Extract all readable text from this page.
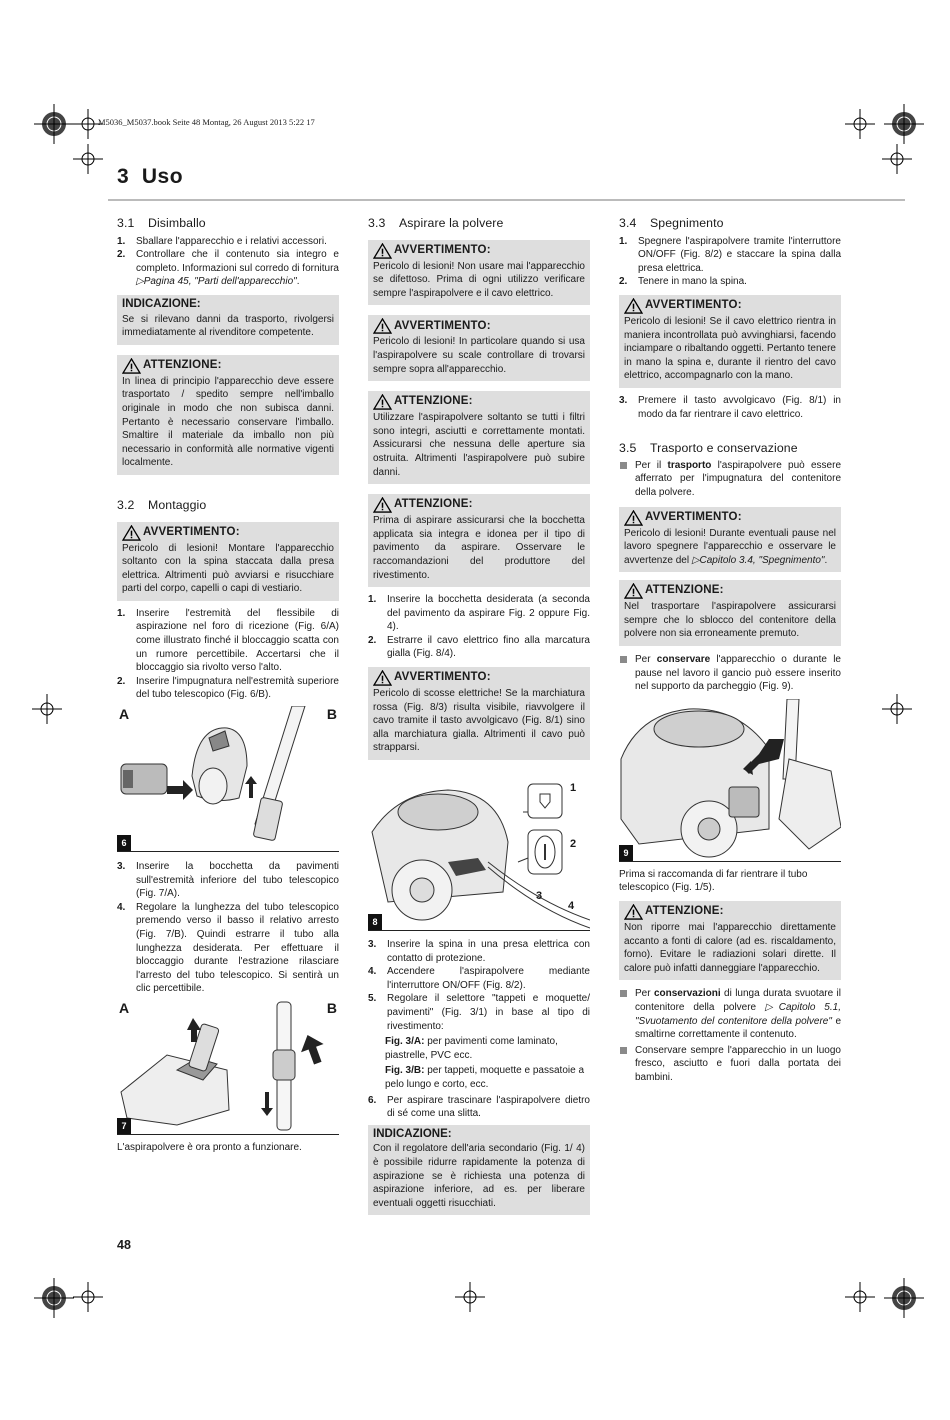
M5036_M5037.book Seite 48 Montag, 26 August 2013 5:22 17
3 Uso
3.1 Disimballo
1. Sballare l'apparecchio e i relativi accessori.
2. Controllare che il contenuto sia integro e completo. Informazioni sul corredo di fornitura ▷Pagina 45, "Parti dell'apparecchio".
INDICAZIONE:

Se si rilevano danni da trasporto, rivolgersi immediatamente al rivenditore competente.

ATTENZIONE:

In linea di principio l'apparecchio deve essere trasportato / spedito sempre nell'imballo originale in modo che non subisca danni. Pertanto è necessario conservare l'imballo. Smaltire il materiale da imballo non più necessario in conformità alle normative vigenti localmente.

3.2 Montaggio
AVVERTIMENTO:

Pericolo di lesioni! Montare l'apparecchio soltanto con la spina staccata dalla presa elettrica. Altrimenti può avviarsi e risucchiare parti del corpo, capelli o capi di vestiario.

1. Inserire l'estremità del flessibile di aspirazione nel foro di ricezione (Fig. 6/A) come illustrato finché il bloccaggio scatta con un rumore percettibile. Accertarsi che il bloccaggio sia rivolto verso l'alto.
2. Inserire l'impugnatura nell'estremità superiore del tubo telescopico (Fig. 6/B).
A	B
6
3. Inserire la bocchetta da pavimenti sull'estremità inferiore del tubo telescopico (Fig. 7/A).
4. Regolare la lunghezza del tubo telescopico premendo verso il basso il relativo arresto (Fig. 7/B). Quindi estrarre il tubo alla lunghezza desiderata. Per effettuare il bloccaggio durante l'estrazione rilasciare l'arresto del tubo telescopico. Si sentirà un clic percettibile.
A	B
7

L'aspirapolvere è ora pronto a funzionare.

3.3 Aspirare la polvere
AVVERTIMENTO:

Pericolo di lesioni! Non usare mai l'apparecchio se difettoso. Prima di ogni utilizzo verificare sempre l'aspirapolvere e il cavo elettrico.

AVVERTIMENTO:

Pericolo di lesioni! In particolare quando si usa l'aspirapolvere su scale controllare di trovarsi sempre sopra all'apparecchio.

ATTENZIONE:

Utilizzare l'aspirapolvere soltanto se tutti i filtri sono integri, asciutti e correttamente montati. Assicurarsi che nessuna delle aperture sia ostruita. Altrimenti l'aspirapolvere può subire danni.

ATTENZIONE:

Prima di aspirare assicurarsi che la bocchetta applicata sia integra e idonea per il tipo di pavimento da aspirare. Osservare le raccomandazioni del produttore del rivestimento.

1. Inserire la bocchetta desiderata (a seconda del pavimento da aspirare Fig. 2 oppure Fig. 4).
2. Estrarre il cavo elettrico fino alla marcatura gialla (Fig. 8/4).
AVVERTIMENTO:

Pericolo di scosse elettriche! Se la marchiatura rossa (Fig. 8/3) risulta visibile, riavvolgere il cavo tramite il tasto avvolgicavo (Fig. 8/1) sino alla marchiatura gialla. Altrimenti il cavo può strapparsi.

1
2
3
4
8
3. Inserire la spina in una presa elettrica con contatto di protezione.
4. Accendere l'aspirapolvere mediante l'interruttore ON/OFF (Fig. 8/2).
5. Regolare il selettore "tappeti e moquette/ pavimenti" (Fig. 3/1) in base al tipo di rivestimento:

Fig. 3/A: per pavimenti come laminato, piastrelle, PVC ecc.

Fig. 3/B: per tappeti, moquette e passatoie a pelo lungo e corto, ecc.

6. Per aspirare trascinare l'aspirapolvere dietro di sé come una slitta.
INDICAZIONE:

Con il regolatore dell'aria secondario (Fig. 1/ 4) è possibile ridurre rapidamente la potenza di aspirazione se è richiesta una potenza di aspirazione inferiore, ad es. per liberare eventuali oggetti risucchiati.

3.4 Spegnimento
1. Spegnere l'aspirapolvere tramite l'interruttore ON/OFF (Fig. 8/2) e staccare la spina dalla presa elettrica.
2. Tenere in mano la spina.
AVVERTIMENTO:

Pericolo di lesioni! Se il cavo elettrico rientra in maniera incontrollata può avvinghiarsi, facendo inciampare o ribaltando oggetti. Pertanto tenere in mano la spina e, durante il rientro del cavo elettrico, accompagnarlo con la mano.

3. Premere il tasto avvolgicavo (Fig. 8/1) in modo da far rientrare il cavo elettrico.
3.5 Trasporto e conservazione

Per il trasporto l'aspirapolvere può essere afferrato per l'impugnatura del contenitore della polvere.

AVVERTIMENTO:

Pericolo di lesioni! Durante eventuali pause nel lavoro spegnere l'apparecchio e osservare le avvertenze del ▷Capitolo 3.4, "Spegnimento".

ATTENZIONE:

Nel trasportare l'aspirapolvere assicurarsi sempre che lo sblocco del contenitore della polvere non sia erroneamente premuto.

Per conservare l'apparecchio o durante le pause nel lavoro il gancio può essere inserito nel supporto da parcheggio (Fig. 9).

9

Prima si raccomanda di far rientrare il tubo telescopico (Fig. 1/5).

ATTENZIONE:

Non riporre mai l'apparecchio direttamente accanto a fonti di calore (ad es. riscaldamento, forno). Evitare le radiazioni solari dirette. Il calore può infatti danneggiare l'apparecchio.

Per conservazioni di lunga durata svuotare il contenitore della polvere ▷Capitolo 5.1, "Svuotamento del contenitore della polvere" e smaltirne correttamente il contenuto.

Conservare sempre l'apparecchio in un luogo fresco, asciutto e fuori dalla portata dei bambini.

48
